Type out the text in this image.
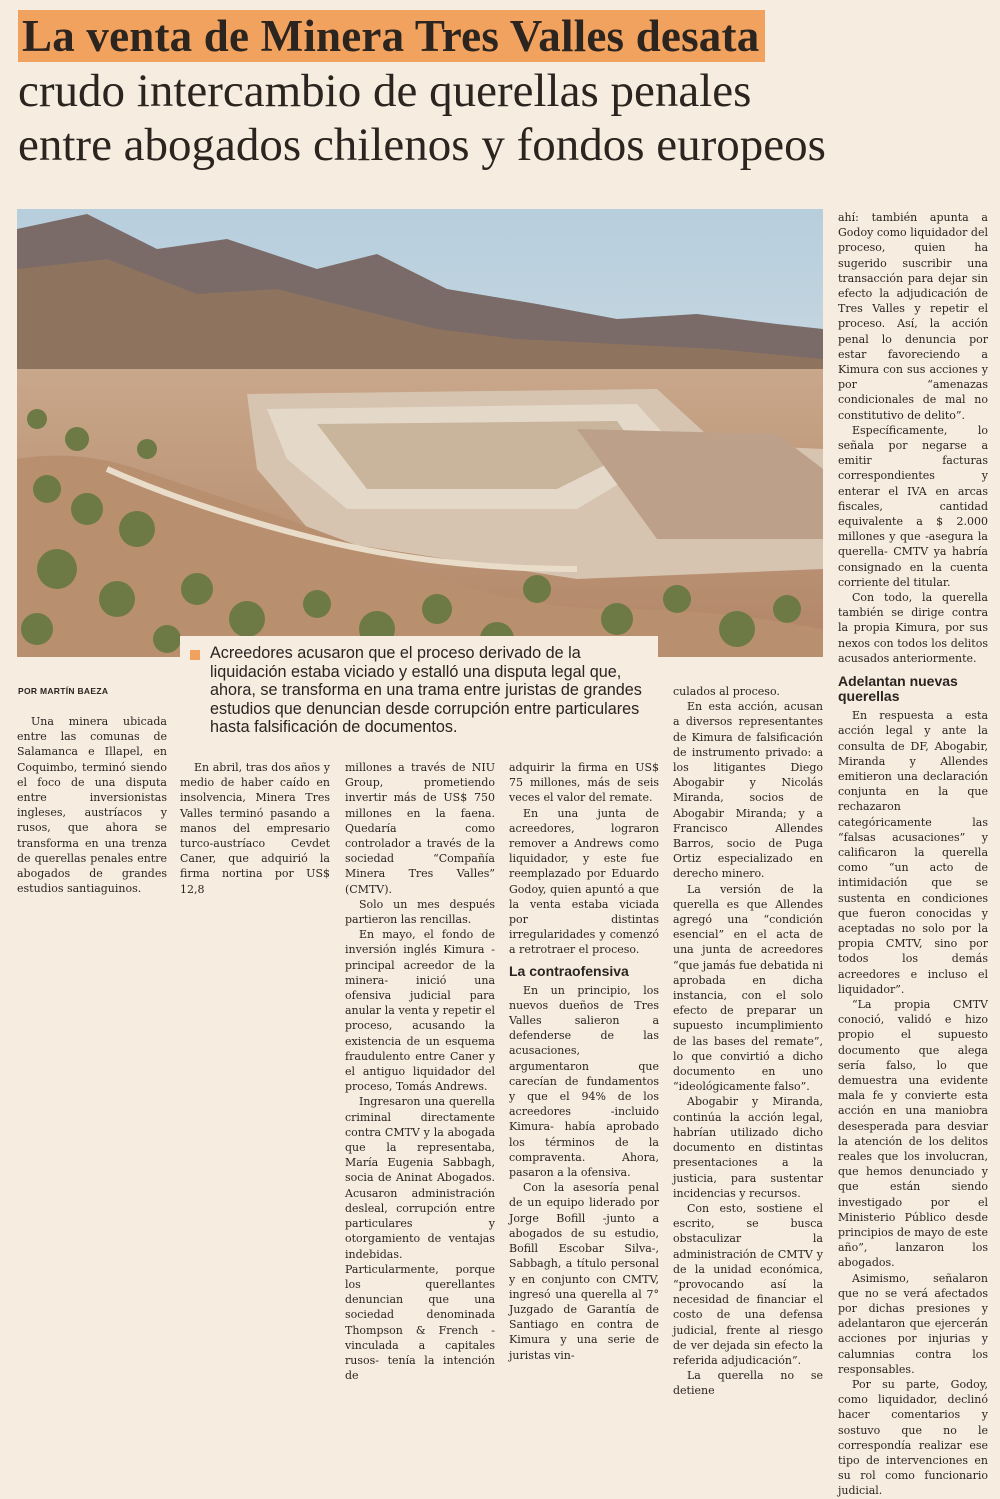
La venta de Minera Tres Valles desata
crudo intercambio de querellas penales
entre abogados chilenos y fondos europeos

Acreedores acusaron que el proceso derivado de la liquidación estaba viciado y estalló una disputa legal que, ahora, se transforma en una trama entre juristas de grandes estudios que denuncian desde corrupción entre particulares hasta falsificación de documentos.

POR MARTÍN BAEZA

Una minera ubicada entre las comunas de Salamanca e Illapel, en Coquimbo, terminó siendo el foco de una disputa entre inversionistas ingleses, austríacos y rusos, que ahora se transforma en una trenza de querellas penales entre abogados de grandes estudios santiaguinos.

En abril, tras dos años y medio de haber caído en insolvencia, Minera Tres Valles terminó pasando a manos del empresario turco-austríaco Cevdet Caner, que adquirió la firma nortina por US$ 12,8

millones a través de NIU Group, prometiendo invertir más de US$ 750 millones en la faena. Quedaría como controlador a través de la sociedad “Compañía Minera Tres Valles” (CMTV).

Solo un mes después partieron las rencillas.

En mayo, el fondo de inversión inglés Kimura -principal acreedor de la minera- inició una ofensiva judicial para anular la venta y repetir el proceso, acusando la existencia de un esquema fraudulento entre Caner y el antiguo liquidador del proceso, Tomás Andrews.

Ingresaron una querella criminal directamente contra CMTV y la abogada que la representaba, María Eugenia Sabbagh, socia de Aninat Abogados. Acusaron administración desleal, corrupción entre particulares y otorgamiento de ventajas indebidas. Particularmente, porque los querellantes denuncian que una sociedad denominada Thompson & French -vinculada a capitales rusos- tenía la intención de

adquirir la firma en US$ 75 millones, más de seis veces el valor del remate.

En una junta de acreedores, lograron remover a Andrews como liquidador, y este fue reemplazado por Eduardo Godoy, quien apuntó a que la venta estaba viciada por distintas irregularidades y comenzó a retrotraer el proceso.

La contraofensiva

En un principio, los nuevos dueños de Tres Valles salieron a defenderse de las acusaciones, argumentaron que carecían de fundamentos y que el 94% de los acreedores -incluido Kimura- había aprobado los términos de la compraventa. Ahora, pasaron a la ofensiva.

Con la asesoría penal de un equipo liderado por Jorge Bofill -junto a abogados de su estudio, Bofill Escobar Silva-, Sabbagh, a título personal y en conjunto con CMTV, ingresó una querella al 7° Juzgado de Garantía de Santiago en contra de Kimura y una serie de juristas vin-

culados al proceso.

En esta acción, acusan a diversos representantes de Kimura de falsificación de instrumento privado: a los litigantes Diego Abogabir y Nicolás Miranda, socios de Abogabir Miranda; y a Francisco Allendes Barros, socio de Puga Ortiz especializado en derecho minero.

La versión de la querella es que Allendes agregó una “condición esencial” en el acta de una junta de acreedores “que jamás fue debatida ni aprobada en dicha instancia, con el solo efecto de preparar un supuesto incumplimiento de las bases del remate”, lo que convirtió a dicho documento en uno “ideológicamente falso”.

Abogabir y Miranda, continúa la acción legal, habrían utilizado dicho documento en distintas presentaciones a la justicia, para sustentar incidencias y recursos.

Con esto, sostiene el escrito, se busca obstaculizar la administración de CMTV y de la unidad económica, “provocando así la necesidad de financiar el costo de una defensa judicial, frente al riesgo de ver dejada sin efecto la referida adjudicación”.

La querella no se detiene

ahí: también apunta a Godoy como liquidador del proceso, quien ha sugerido suscribir una transacción para dejar sin efecto la adjudicación de Tres Valles y repetir el proceso. Así, la acción penal lo denuncia por estar favoreciendo a Kimura con sus acciones y por “amenazas condicionales de mal no constitutivo de delito”.

Específicamente, lo señala por negarse a emitir facturas correspondientes y enterar el IVA en arcas fiscales, cantidad equivalente a $ 2.000 millones y que -asegura la querella- CMTV ya habría consignado en la cuenta corriente del titular.

Con todo, la querella también se dirige contra la propia Kimura, por sus nexos con todos los delitos acusados anteriormente.

Adelantan nuevas querellas

En respuesta a esta acción legal y ante la consulta de DF, Abogabir, Miranda y Allendes emitieron una declaración conjunta en la que rechazaron categóricamente las “falsas acusaciones” y calificaron la querella como “un acto de intimidación que se sustenta en condiciones que fueron conocidas y aceptadas no solo por la propia CMTV, sino por todos los demás acreedores e incluso el liquidador”.

“La propia CMTV conoció, validó e hizo propio el supuesto documento que alega sería falso, lo que demuestra una evidente mala fe y convierte esta acción en una maniobra desesperada para desviar la atención de los delitos reales que los involucran, que hemos denunciado y que están siendo investigado por el Ministerio Público desde principios de mayo de este año”, lanzaron los abogados.

Asimismo, señalaron que no se verá afectados por dichas presiones y adelantaron que ejercerán acciones por injurias y calumnias contra los responsables.

Por su parte, Godoy, como liquidador, declinó hacer comentarios y sostuvo que no le correspondía realizar ese tipo de intervenciones en su rol como funcionario judicial.
